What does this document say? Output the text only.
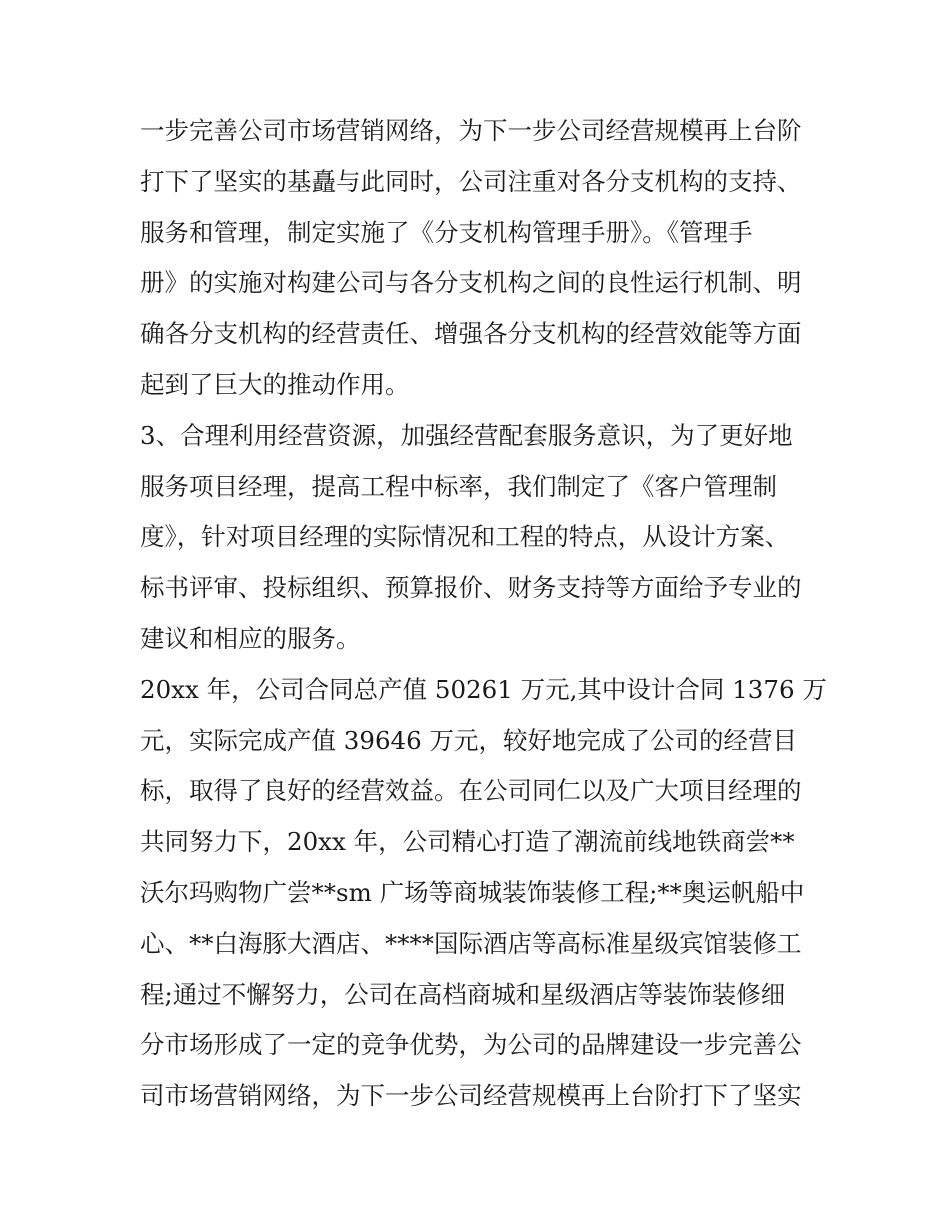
一步完善公司市场营销网络，为下一步公司经营规模再上台阶
打下了坚实的基矗与此同时，公司注重对各分支机构的支持、
服务和管理，制定实施了《分支机构管理手册》。《管理手
册》的实施对构建公司与各分支机构之间的良性运行机制、明
确各分支机构的经营责任、增强各分支机构的经营效能等方面
起到了巨大的推动作用。
3、合理利用经营资源，加强经营配套服务意识，为了更好地
服务项目经理，提高工程中标率，我们制定了《客户管理制
度》，针对项目经理的实际情况和工程的特点，从设计方案、
标书评审、投标组织、预算报价、财务支持等方面给予专业的
建议和相应的服务。
20xx 年，公司合同总产值 50261 万元,其中设计合同 1376 万
元，实际完成产值 39646 万元，较好地完成了公司的经营目
标，取得了良好的经营效益。在公司同仁以及广大项目经理的
共同努力下，20xx 年，公司精心打造了潮流前线地铁商尝**
沃尔玛购物广尝**sm 广场等商城装饰装修工程;**奥运帆船中
心、**白海豚大酒店、****国际酒店等高标准星级宾馆装修工
程;通过不懈努力，公司在高档商城和星级酒店等装饰装修细
分市场形成了一定的竞争优势，为公司的品牌建设一步完善公
司市场营销网络，为下一步公司经营规模再上台阶打下了坚实
